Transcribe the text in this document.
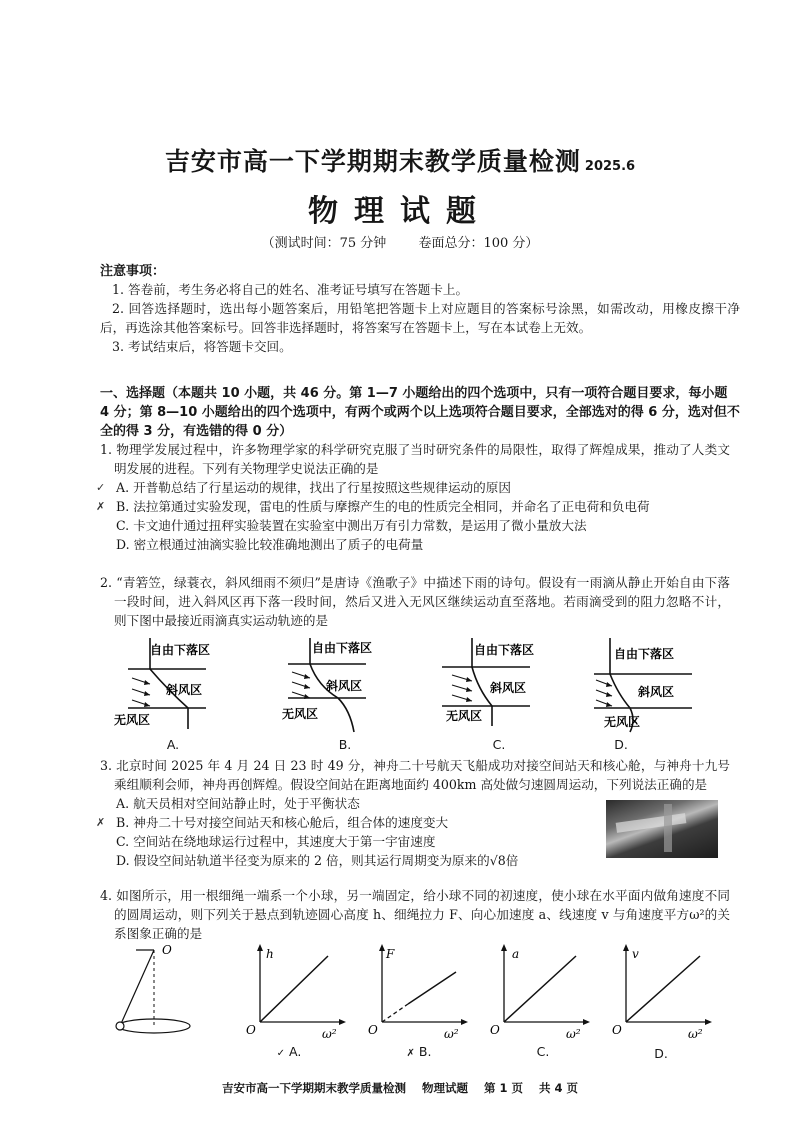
吉安市高一下学期期末教学质量检测 2025.6
物理试题
（测试时间：75 分钟 卷面总分：100 分）
注意事项：

1. 答卷前，考生务必将自己的姓名、准考证号填写在答题卡上。

2. 回答选择题时，选出每小题答案后，用铅笔把答题卡上对应题目的答案标号涂黑，如需改动，用橡皮擦干净后，再选涂其他答案标号。回答非选择题时，将答案写在答题卡上，写在本试卷上无效。

3. 考试结束后，将答题卡交回。

一、选择题（本题共 10 小题，共 46 分。第 1—7 小题给出的四个选项中，只有一项符合题目要求，每小题 4 分；第 8—10 小题给出的四个选项中，有两个或两个以上选项符合题目要求，全部选对的得 6 分，选对但不全的得 3 分，有选错的得 0 分）
1. 物理学发展过程中，许多物理学家的科学研究克服了当时研究条件的局限性，取得了辉煌成果，推动了人类文明发展的进程。下列有关物理学史说法正确的是
✓ A. 开普勒总结了行星运动的规律，找出了行星按照这些规律运动的原因
✗ B. 法拉第通过实验发现，雷电的性质与摩擦产生的电的性质完全相同，并命名了正电荷和负电荷
C. 卡文迪什通过扭秤实验装置在实验室中测出万有引力常数，是运用了微小量放大法
D. 密立根通过油滴实验比较准确地测出了质子的电荷量
2. “青箬笠，绿蓑衣，斜风细雨不须归”是唐诗《渔歌子》中描述下雨的诗句。假设有一雨滴从静止开始自由下落一段时间，进入斜风区再下落一段时间，然后又进入无风区继续运动直至落地。若雨滴受到的阻力忽略不计，则下图中最接近雨滴真实运动轨迹的是
自由下落区
斜风区
无风区
自由下落区
斜风区
无风区
自由下落区
斜风区
无风区
自由下落区
斜风区
无风区
A.	B.	C.	D.
3. 北京时间 2025 年 4 月 24 日 23 时 49 分，神舟二十号航天飞船成功对接空间站天和核心舱，与神舟十九号乘组顺利会师，神舟再创辉煌。假设空间站在距离地面约 400km 高处做匀速圆周运动，下列说法正确的是
A. 航天员相对空间站静止时，处于平衡状态
✗ B. 神舟二十号对接空间站天和核心舱后，组合体的速度变大
C. 空间站在绕地球运行过程中，其速度大于第一宇宙速度
D. 假设空间站轨道半径变为原来的 2 倍，则其运行周期变为原来的√8倍
4. 如图所示，用一根细绳一端系一个小球，另一端固定，给小球不同的初速度，使小球在水平面内做角速度不同的圆周运动，则下列关于悬点到轨迹圆心高度 h、细绳拉力 F、向心加速度 a、线速度 v 与角速度平方ω²的关系图象正确的是
O	h
O	ω²
F
O	ω²
a
O	ω²
v
O	ω²
✓ A.	✗ B.	C.	D.
吉安市高一下学期期末教学质量检测 物理试题 第 1 页 共 4 页
